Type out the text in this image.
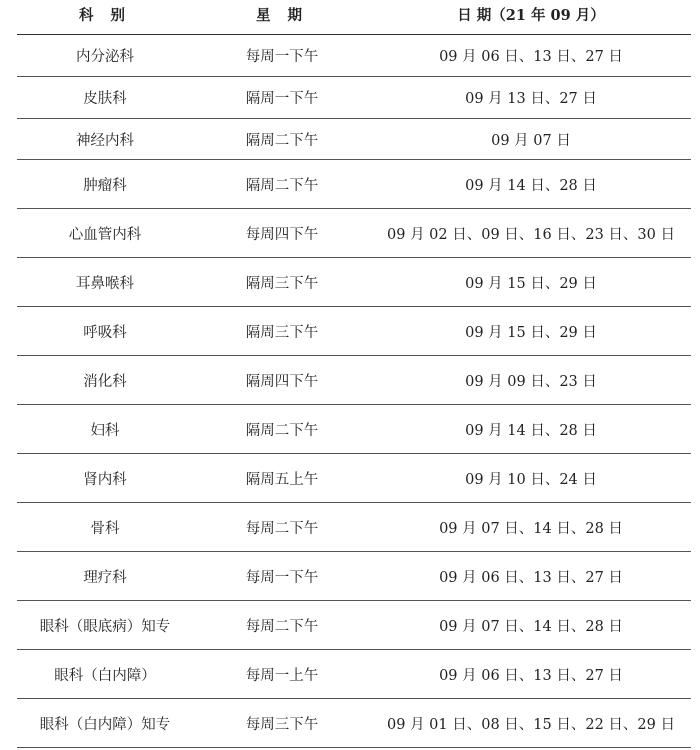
科 别	星 期	日 期（21 年 09 月）
内分泌科	每周一下午	09 月 06 日、13 日、27 日
皮肤科	隔周一下午	09 月 13 日、27 日
神经内科	隔周二下午	09 月 07 日
肿瘤科	隔周二下午	09 月 14 日、28 日
心血管内科	每周四下午	09 月 02 日、09 日、16 日、23 日、30 日
耳鼻喉科	隔周三下午	09 月 15 日、29 日
呼吸科	隔周三下午	09 月 15 日、29 日
消化科	隔周四下午	09 月 09 日、23 日
妇科	隔周二下午	09 月 14 日、28 日
肾内科	隔周五上午	09 月 10 日、24 日
骨科	每周二下午	09 月 07 日、14 日、28 日
理疗科	每周一下午	09 月 06 日、13 日、27 日
眼科（眼底病）知专	每周二下午	09 月 07 日、14 日、28 日
眼科（白内障）	每周一上午	09 月 06 日、13 日、27 日
眼科（白内障）知专	每周三下午	09 月 01 日、08 日、15 日、22 日、29 日
